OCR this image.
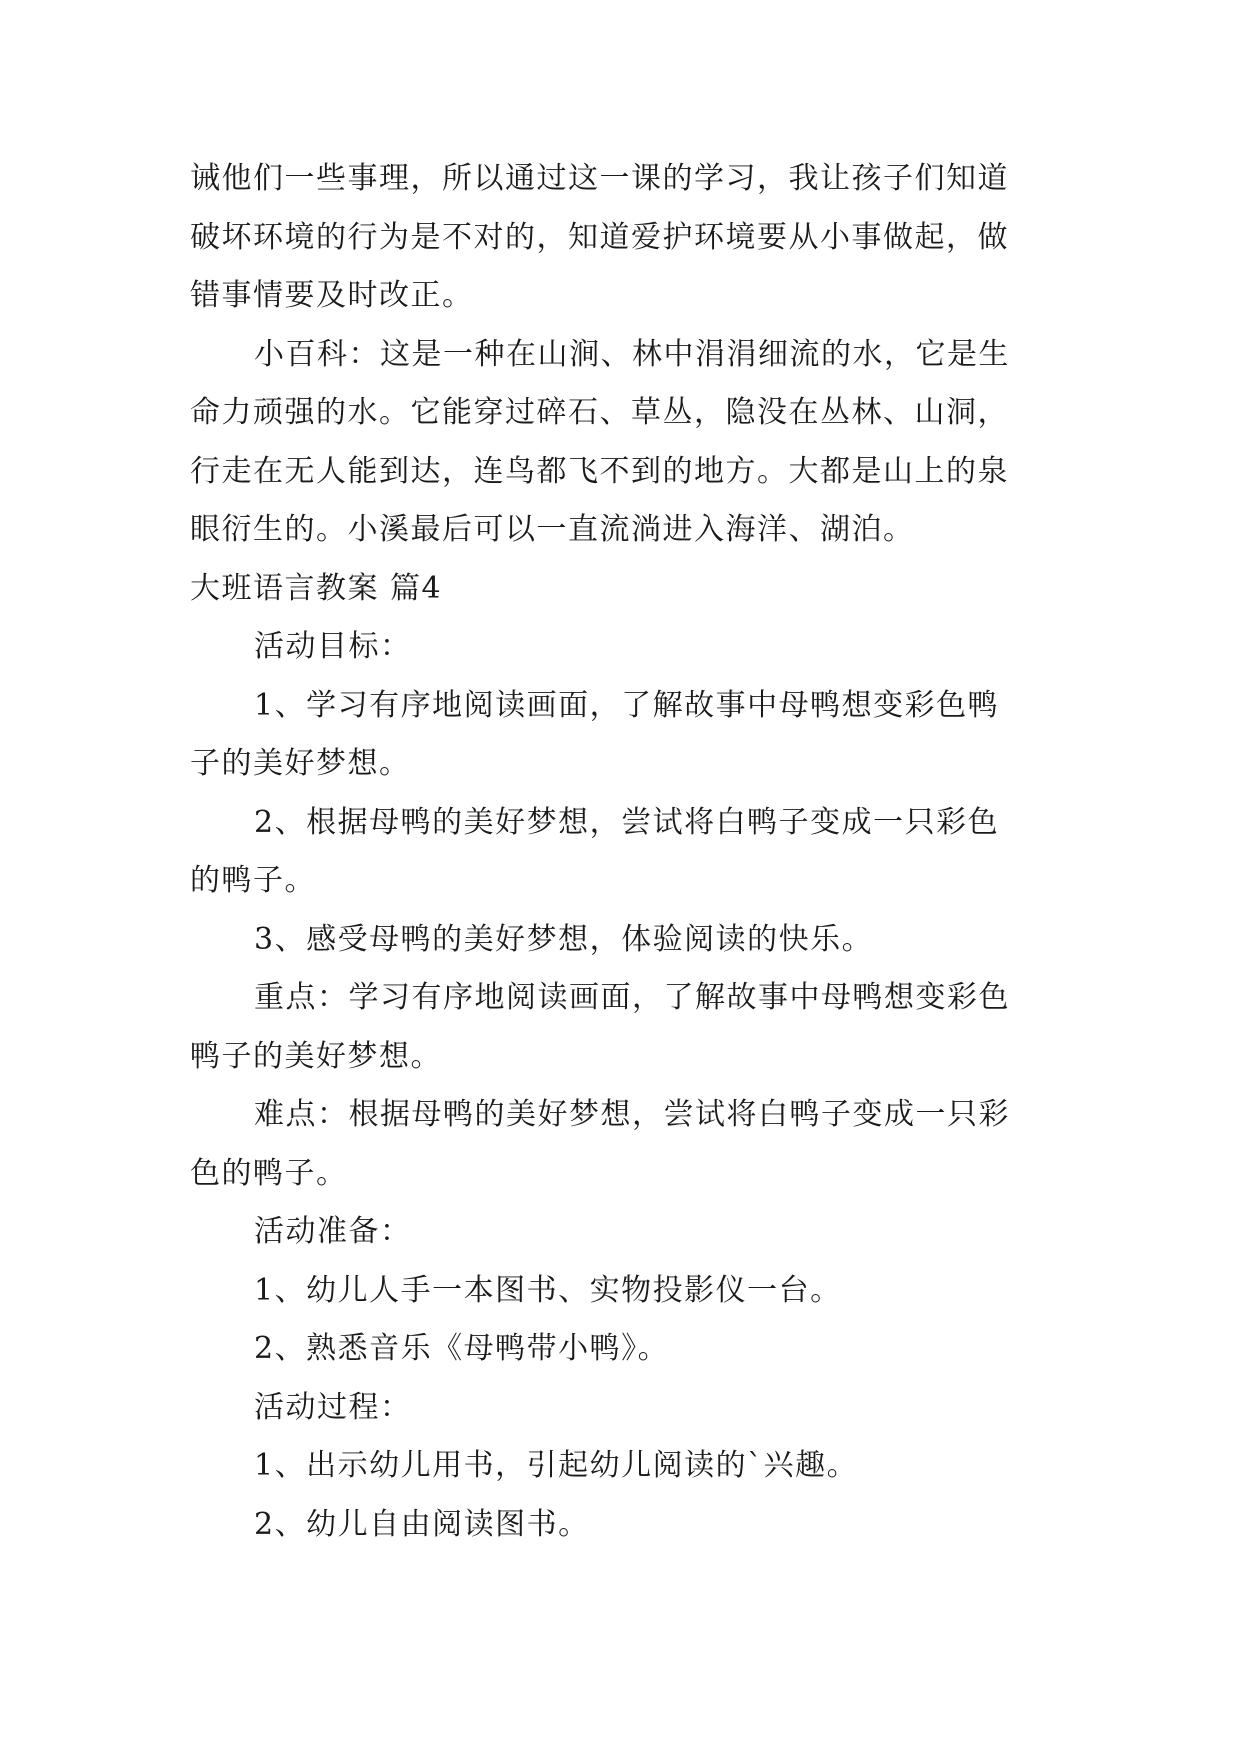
诫他们一些事理，所以通过这一课的学习，我让孩子们知道
破坏环境的行为是不对的，知道爱护环境要从小事做起，做
错事情要及时改正。
小百科：这是一种在山涧、林中涓涓细流的水，它是生
命力顽强的水。它能穿过碎石、草丛，隐没在丛林、山洞，
行走在无人能到达，连鸟都飞不到的地方。大都是山上的泉
眼衍生的。小溪最后可以一直流淌进入海洋、湖泊。
大班语言教案 篇4
活动目标：
1、学习有序地阅读画面，了解故事中母鸭想变彩色鸭
子的美好梦想。
2、根据母鸭的美好梦想，尝试将白鸭子变成一只彩色
的鸭子。
3、感受母鸭的美好梦想，体验阅读的快乐。
重点：学习有序地阅读画面，了解故事中母鸭想变彩色
鸭子的美好梦想。
难点：根据母鸭的美好梦想，尝试将白鸭子变成一只彩
色的鸭子。
活动准备：
1、幼儿人手一本图书、实物投影仪一台。
2、熟悉音乐《母鸭带小鸭》。
活动过程：
1、出示幼儿用书，引起幼儿阅读的`兴趣。
2、幼儿自由阅读图书。
